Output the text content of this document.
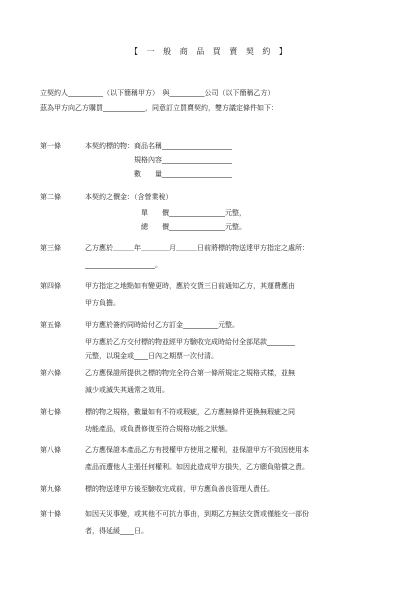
【 一 般 商 品 買 賣 契 約 】
立契約人__________（以下簡稱甲方）　與__________公司（以下簡稱乙方）
茲為甲方向乙方購買____________，同意訂立買賣契約，雙方議定條件如下：
第一條	本契約標的物：商品名稱____________________
　　　　　　　規格內容____________________
　　　　　　　數　　量____________________
第二條	本契約之價金：（含營業稅）
　　　　　　　　單　　價________________元整，
　　　　　　　　總　　價________________元整。
第三條	乙方應於＿＿＿年＿＿＿＿月＿＿＿日前將標的物送達甲方指定之處所：
____________________。
第四條	甲方指定之地點如有變更時，應於交貨三日前通知乙方，其運費應由
甲方負擔。
第五條	甲方應於簽約同時給付乙方訂金__________元整。
甲方應於乙方交付標的物並經甲方驗收完成時給付全部尾款________
元整，以現金或____日內之期票一次付清。
第六條	乙方應保證所提供之標的物完全符合第一條所規定之規格式樣，並無
減少或滅失其通常之效用。
第七條	標的物之規格，數量如有不符或瑕疵，乙方應無條件更換無瑕疵之同
功能產品，或負責修復至符合規格功能之狀態。
第八條	乙方應保證本產品乙方有授權甲方使用之權利，並保證甲方不致因使用本
產品而遭他人主張任何權利。如因此造成甲方損失，乙方願負賠償之責。
第九條	標的物送達甲方後至驗收完成前，甲方應負善良管理人責任。
第十條	如因天災事變，或其他不可抗力事由，到期乙方無法交貨或僅能交一部份
者，得延緩____日。
